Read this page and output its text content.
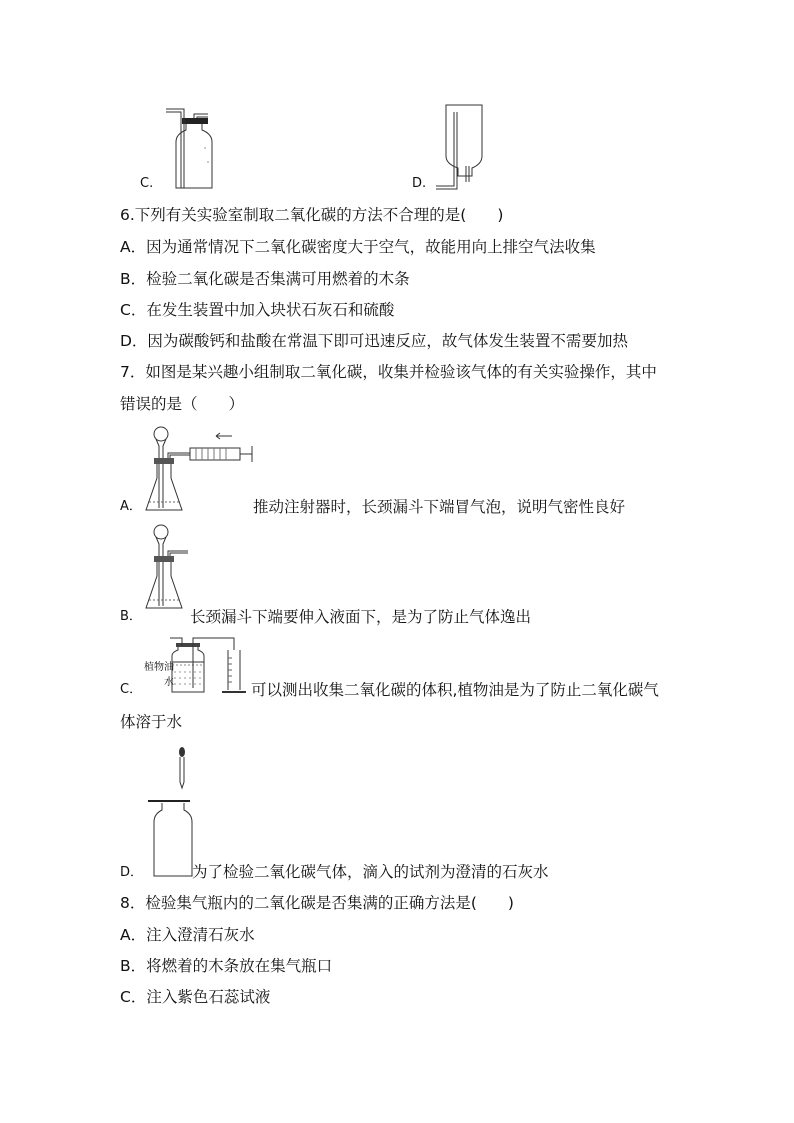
C.	D.
6.下列有关实验室制取二氧化碳的方法不合理的是(　　)
A．因为通常情况下二氧化碳密度大于空气，故能用向上排空气法收集
B．检验二氧化碳是否集满可用燃着的木条
C．在发生装置中加入块状石灰石和硫酸
D．因为碳酸钙和盐酸在常温下即可迅速反应，故气体发生装置不需要加热
7．如图是某兴趣小组制取二氧化碳，收集并检验该气体的有关实验操作，其中
错误的是（　　）
A．	推动注射器时，长颈漏斗下端冒气泡，说明气密性良好
B．	长颈漏斗下端要伸入液面下，是为了防止气体逸出
植物油
水
C．	可以测出收集二氧化碳的体积,植物油是为了防止二氧化碳气
体溶于水
D．	为了检验二氧化碳气体，滴入的试剂为澄清的石灰水
8．检验集气瓶内的二氧化碳是否集满的正确方法是(　　)
A．注入澄清石灰水
B．将燃着的木条放在集气瓶口
C．注入紫色石蕊试液
